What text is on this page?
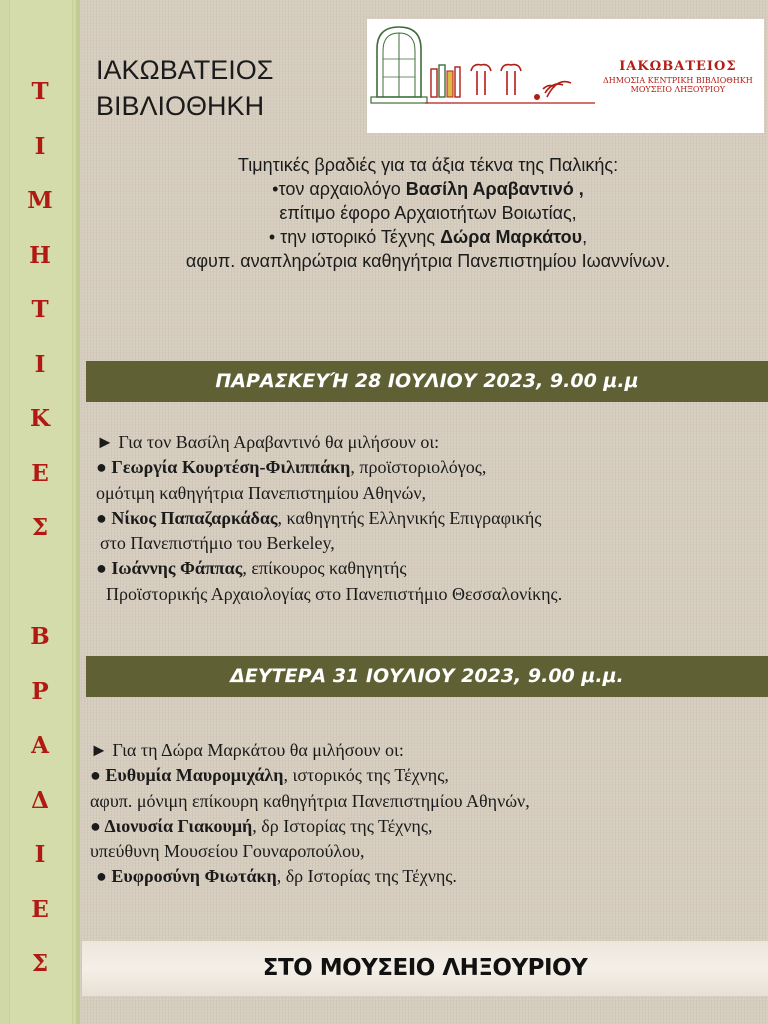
Τ
Ι
Μ
Η
Τ
Ι
Κ
Ε
Σ
Β
Ρ
Α
Δ
Ι
Ε
Σ
ΙΑΚΩΒΑΤΕΙΟΣ
ΒΙΒΛΙΟΘΗΚΗ
ΙΑΚΩΒΑΤΕΙΟΣ
ΔΗΜΟΣΙΑ ΚΕΝΤΡΙΚΗ ΒΙΒΛΙΟΘΗΚΗ
ΜΟΥΣΕΙΟ ΛΗΞΟΥΡΙΟΥ
Τιμητικές βραδιές για τα άξια τέκνα της Παλικής:
•τον αρχαιολόγο Βασίλη Αραβαντινό ,
επίτιμο έφορο Αρχαιοτήτων Βοιωτίας,
• την ιστορικό Τέχνης Δώρα Μαρκάτου,
αφυπ. αναπληρώτρια καθηγήτρια Πανεπιστημίου Ιωαννίνων.
ΠΑΡΑΣΚΕΥΉ 28 ΙΟΥΛΙΟΥ 2023, 9.00 μ.μ
► Για τον Βασίλη Αραβαντινό θα μιλήσουν οι:
● Γεωργία Κουρτέση-Φιλιππάκη, προϊστοριολόγος,
ομότιμη καθηγήτρια Πανεπιστημίου Αθηνών,
● Νίκος Παπαζαρκάδας, καθηγητής Ελληνικής Επιγραφικής
στο Πανεπιστήμιο του Berkeley,
● Ιωάννης Φάππας, επίκουρος καθηγητής
Προϊστορικής Αρχαιολογίας στο Πανεπιστήμιο Θεσσαλονίκης.
ΔΕΥΤΕΡΑ 31 ΙΟΥΛΙΟΥ 2023, 9.00 μ.μ.
► Για τη Δώρα Μαρκάτου θα μιλήσουν οι:
● Ευθυμία Μαυρομιχάλη, ιστορικός της Τέχνης,
αφυπ. μόνιμη επίκουρη καθηγήτρια Πανεπιστημίου Αθηνών,
● Διονυσία Γιακουμή, δρ Ιστορίας της Τέχνης,
υπεύθυνη Μουσείου Γουναροπούλου,
● Ευφροσύνη Φιωτάκη, δρ Ιστορίας της Τέχνης.
ΣΤΟ ΜΟΥΣΕΙΟ ΛΗΞΟΥΡΙΟΥ
